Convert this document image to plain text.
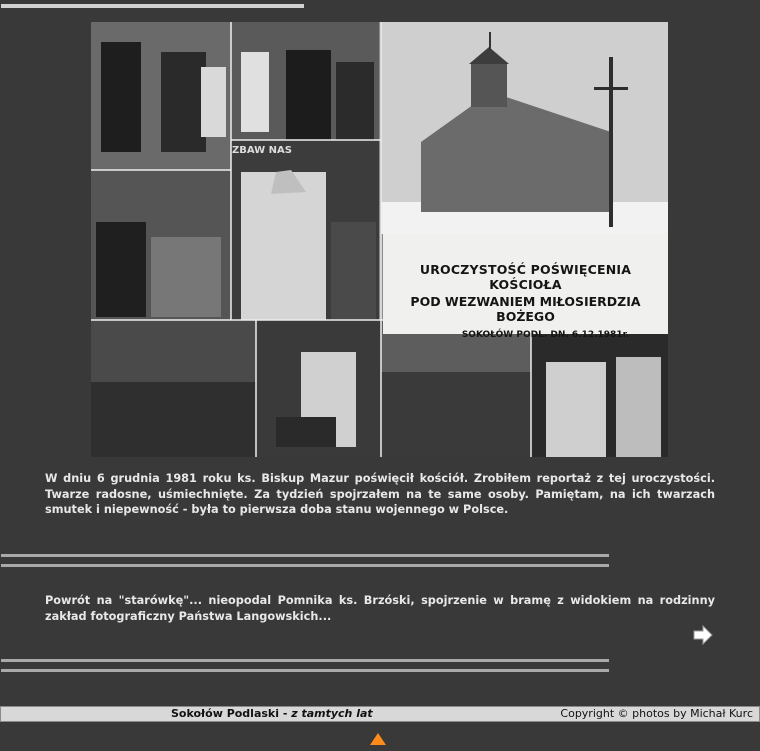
ZBAW NAS
UROCZYSTOŚĆ POŚWIĘCENIA KOŚCIOŁA
POD WEZWANIEM MIŁOSIERDZIA BOŻEGO
SOKOŁÓW PODL. DN. 6.12.1981r.

W dniu 6 grudnia 1981 roku ks. Biskup Mazur poświęcił kościół. Zrobiłem reportaż z tej uroczystości. Twarze radosne, uśmiechnięte. Za tydzień spojrzałem na te same osoby. Pamiętam, na ich twarzach smutek i niepewność - była to pierwsza doba stanu wojennego w Polsce.

Powrót na "starówkę"... nieopodal Pomnika ks. Brzóski, spojrzenie w bramę z widokiem na rodzinny zakład fotograficzny Państwa Langowskich...

Sokołów Podlaski - z tamtych lat	Copyright © photos by Michał Kurc
